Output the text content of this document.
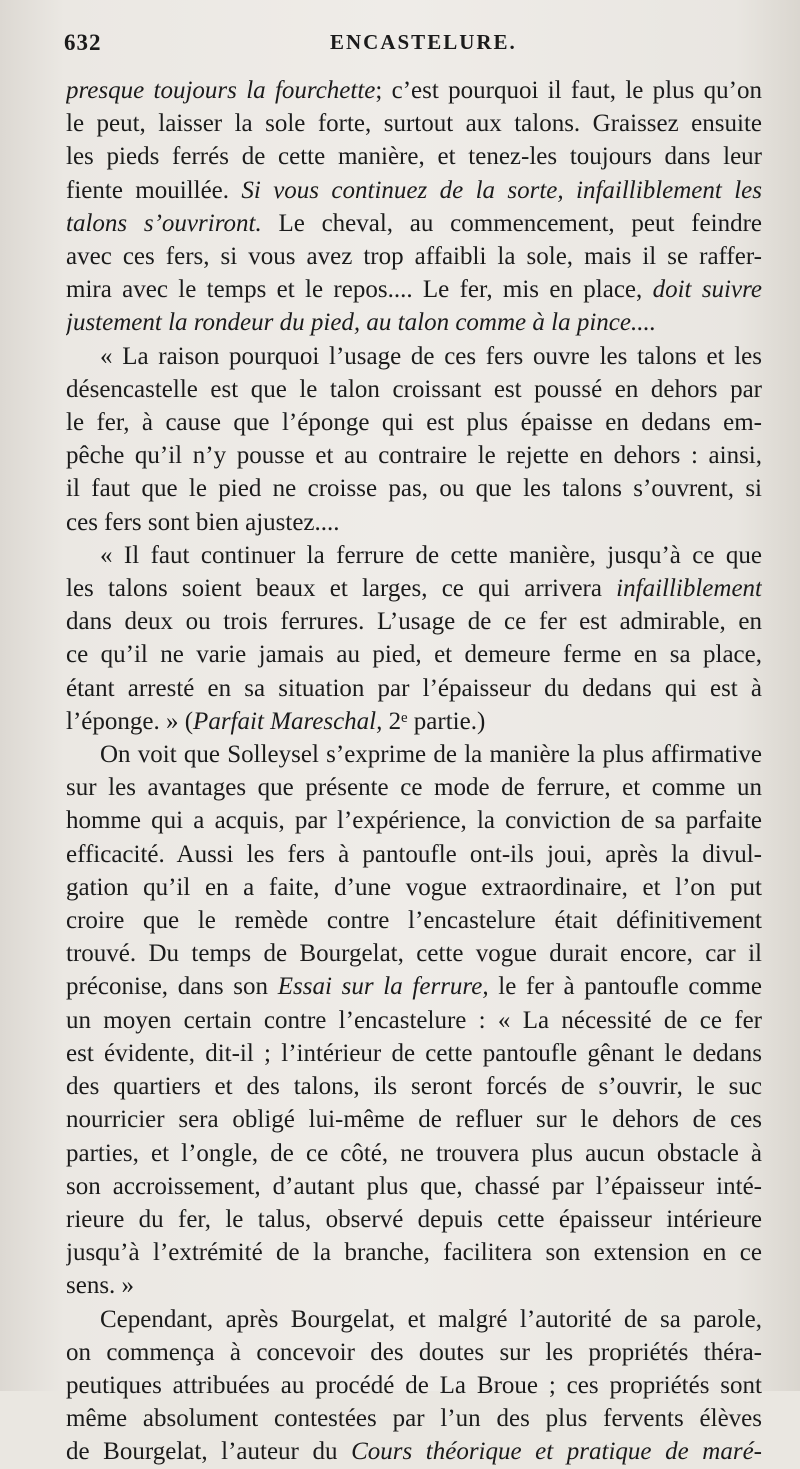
632	ENCASTELURE.
presque toujours la fourchette; c’est pourquoi il faut, le plus qu’on
le peut, laisser la sole forte, surtout aux talons. Graissez ensuite
les pieds ferrés de cette manière, et tenez-les toujours dans leur
fiente mouillée. Si vous continuez de la sorte, infailliblement les
talons s’ouvriront. Le cheval, au commencement, peut feindre
avec ces fers, si vous avez trop affaibli la sole, mais il se raffer-
mira avec le temps et le repos.... Le fer, mis en place, doit suivre
justement la rondeur du pied, au talon comme à la pince....
« La raison pourquoi l’usage de ces fers ouvre les talons et les
désencastelle est que le talon croissant est poussé en dehors par
le fer, à cause que l’éponge qui est plus épaisse en dedans em-
pêche qu’il n’y pousse et au contraire le rejette en dehors : ainsi,
il faut que le pied ne croisse pas, ou que les talons s’ouvrent, si
ces fers sont bien ajustez....
« Il faut continuer la ferrure de cette manière, jusqu’à ce que
les talons soient beaux et larges, ce qui arrivera infailliblement
dans deux ou trois ferrures. L’usage de ce fer est admirable, en
ce qu’il ne varie jamais au pied, et demeure ferme en sa place,
étant arresté en sa situation par l’épaisseur du dedans qui est à
l’éponge. » (Parfait Mareschal, 2ᵉ partie.)
On voit que Solleysel s’exprime de la manière la plus affirmative
sur les avantages que présente ce mode de ferrure, et comme un
homme qui a acquis, par l’expérience, la conviction de sa parfaite
efficacité. Aussi les fers à pantoufle ont-ils joui, après la divul-
gation qu’il en a faite, d’une vogue extraordinaire, et l’on put
croire que le remède contre l’encastelure était définitivement
trouvé. Du temps de Bourgelat, cette vogue durait encore, car il
préconise, dans son Essai sur la ferrure, le fer à pantoufle comme
un moyen certain contre l’encastelure : « La nécessité de ce fer
est évidente, dit-il ; l’intérieur de cette pantoufle gênant le dedans
des quartiers et des talons, ils seront forcés de s’ouvrir, le suc
nourricier sera obligé lui-même de refluer sur le dehors de ces
parties, et l’ongle, de ce côté, ne trouvera plus aucun obstacle à
son accroissement, d’autant plus que, chassé par l’épaisseur inté-
rieure du fer, le talus, observé depuis cette épaisseur intérieure
jusqu’à l’extrémité de la branche, facilitera son extension en ce
sens. »
Cependant, après Bourgelat, et malgré l’autorité de sa parole,
on commença à concevoir des doutes sur les propriétés théra-
peutiques attribuées au procédé de La Broue ; ces propriétés sont
même absolument contestées par l’un des plus fervents élèves
de Bourgelat, l’auteur du Cours théorique et pratique de maré-
